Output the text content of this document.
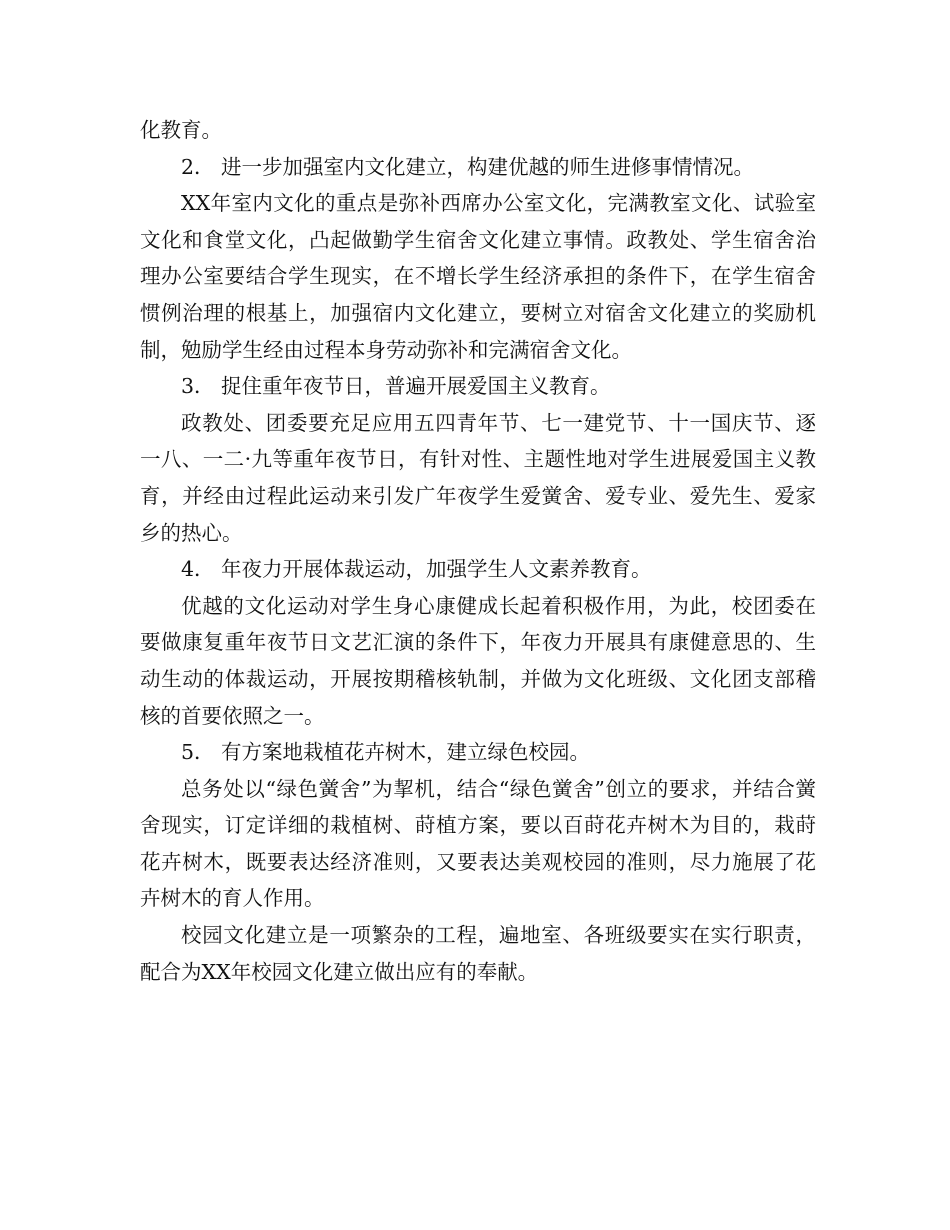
化教育。

2． 进一步加强室内文化建立，构建优越的师生进修事情情况。

XX年室内文化的重点是弥补西席办公室文化，完满教室文化、试验室文化和食堂文化，凸起做勤学生宿舍文化建立事情。政教处、学生宿舍治理办公室要结合学生现实，在不增长学生经济承担的条件下，在学生宿舍惯例治理的根基上，加强宿内文化建立，要树立对宿舍文化建立的奖励机制，勉励学生经由过程本身劳动弥补和完满宿舍文化。

3． 捉住重年夜节日，普遍开展爱国主义教育。

政教处、团委要充足应用五四青年节、七一建党节、十一国庆节、逐一八、一二·九等重年夜节日，有针对性、主题性地对学生进展爱国主义教育，并经由过程此运动来引发广年夜学生爱黉舍、爱专业、爱先生、爱家乡的热心。

4． 年夜力开展体裁运动，加强学生人文素养教育。

优越的文化运动对学生身心康健成长起着积极作用，为此，校团委在要做康复重年夜节日文艺汇演的条件下，年夜力开展具有康健意思的、生动生动的体裁运动，开展按期稽核轨制，并做为文化班级、文化团支部稽核的首要依照之一。

5． 有方案地栽植花卉树木，建立绿色校园。

总务处以“绿色黉舍”为挈机，结合“绿色黉舍”创立的要求，并结合黉舍现实，订定详细的栽植树、莳植方案，要以百莳花卉树木为目的，栽莳花卉树木，既要表达经济准则，又要表达美观校园的准则，尽力施展了花卉树木的育人作用。

校园文化建立是一项繁杂的工程，遍地室、各班级要实在实行职责，配合为XX年校园文化建立做出应有的奉献。
